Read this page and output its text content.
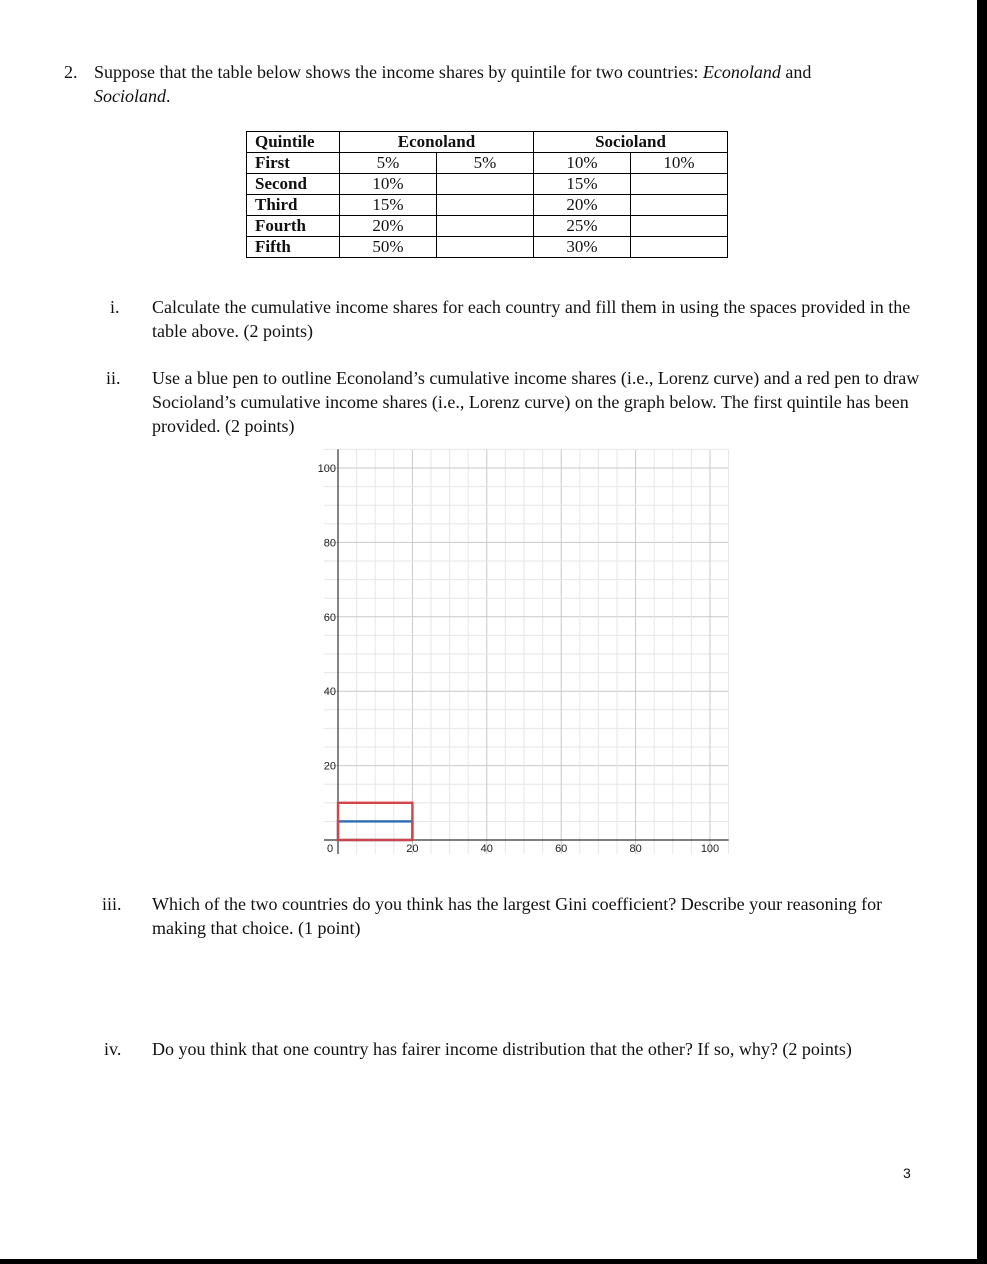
2. Suppose that the table below shows the income shares by quintile for two countries: Econoland and
Socioland.
Quintile	Econoland		Socioland	
First	5%	5%	10%	10%
Second	10%		15%	
Third	15%		20%	
Fourth	20%		25%	
Fifth	50%		30%	
i. Calculate the cumulative income shares for each country and fill them in using the spaces provided in the table above. (2 points)
ii. Use a blue pen to outline Econoland’s cumulative income shares (i.e., Lorenz curve) and a red pen to draw Socioland’s cumulative income shares (i.e., Lorenz curve) on the graph below. The first quintile has been provided. (2 points)
0	20	40	60	80	100
20
40
60
80
100
iii. Which of the two countries do you think has the largest Gini coefficient? Describe your reasoning for making that choice. (1 point)
iv. Do you think that one country has fairer income distribution that the other? If so, why? (2 points)
3
